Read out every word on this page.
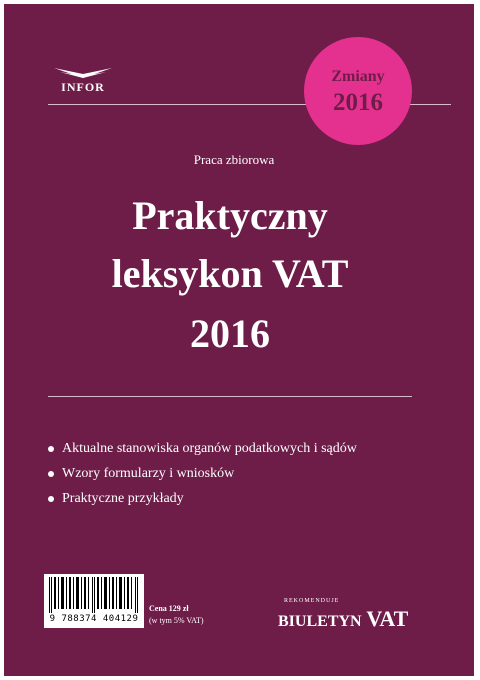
INFOR
Zmiany
2016
Praca zbiorowa
Praktyczny
leksykon VAT
2016
Aktualne stanowiska organów podatkowych i sądów
Wzory formularzy i wniosków
Praktyczne przykłady
9 788374 404129
Cena 129 zł
(w tym 5% VAT)
REKOMENDUJE
BIULETYN VAT
